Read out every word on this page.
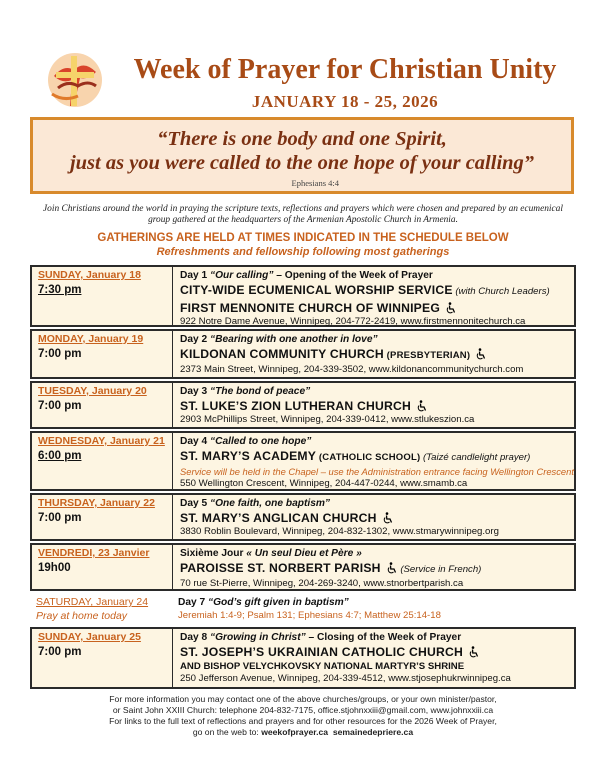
Week of Prayer for Christian Unity
JANUARY 18 - 25, 2026
“There is one body and one Spirit,
just as you were called to the one hope of your calling”
Ephesians 4:4
Join Christians around the world in praying the scripture texts, reflections and prayers which were chosen and prepared by an ecumenical group gathered at the headquarters of the Armenian Apostolic Church in Armenia.
GATHERINGS ARE HELD AT TIMES INDICATED IN THE SCHEDULE BELOW
Refreshments and fellowship following most gatherings
SUNDAY, January 18
7:30 pm
Day 1 “Our calling” – Opening of the Week of Prayer
CITY-WIDE ECUMENICAL WORSHIP SERVICE (with Church Leaders)
FIRST MENNONITE CHURCH OF WINNIPEG
922 Notre Dame Avenue, Winnipeg, 204-772-2419, www.firstmennonitechurch.ca
MONDAY, January 19
7:00 pm
Day 2 “Bearing with one another in love”
KILDONAN COMMUNITY CHURCH (PRESBYTERIAN)
2373 Main Street, Winnipeg, 204-339-3502, www.kildonancommunitychurch.com
TUESDAY, January 20
7:00 pm
Day 3 “The bond of peace”
ST. LUKE’S ZION LUTHERAN CHURCH
2903 McPhillips Street, Winnipeg, 204-339-0412, www.stlukeszion.ca
WEDNESDAY, January 21
6:00 pm
Day 4 “Called to one hope”
ST. MARY’S ACADEMY (CATHOLIC SCHOOL) (Taizé candlelight prayer)
Service will be held in the Chapel – use the Administration entrance facing Wellington Crescent
550 Wellington Crescent, Winnipeg, 204-447-0244, www.smamb.ca
THURSDAY, January 22
7:00 pm
Day 5 “One faith, one baptism”
ST. MARY’S ANGLICAN CHURCH
3830 Roblin Boulevard, Winnipeg, 204-832-1302, www.stmarywinnipeg.org
VENDREDI, 23 Janvier
19h00
Sixième Jour « Un seul Dieu et Père »
PAROISSE ST. NORBERT PARISH (Service in French)
70 rue St-Pierre, Winnipeg, 204-269-3240, www.stnorbertparish.ca
SATURDAY, January 24
Pray at home today
Day 7 “God’s gift given in baptism”
Jeremiah 1:4-9; Psalm 131; Ephesians 4:7; Matthew 25:14-18
SUNDAY, January 25
7:00 pm
Day 8 “Growing in Christ” – Closing of the Week of Prayer
ST. JOSEPH’S UKRAINIAN CATHOLIC CHURCH
AND BISHOP VELYCHKOVSKY NATIONAL MARTYR’S SHRINE
250 Jefferson Avenue, Winnipeg, 204-339-4512, www.stjosephukrwinnipeg.ca
For more information you may contact one of the above churches/groups, or your own minister/pastor,
or Saint John XXIII Church: telephone 204-832-7175, office.stjohnxxiii@gmail.com, www.johnxxiii.ca
For links to the full text of reflections and prayers and for other resources for the 2026 Week of Prayer,
go on the web to: weekofprayer.ca semainedepriere.ca
